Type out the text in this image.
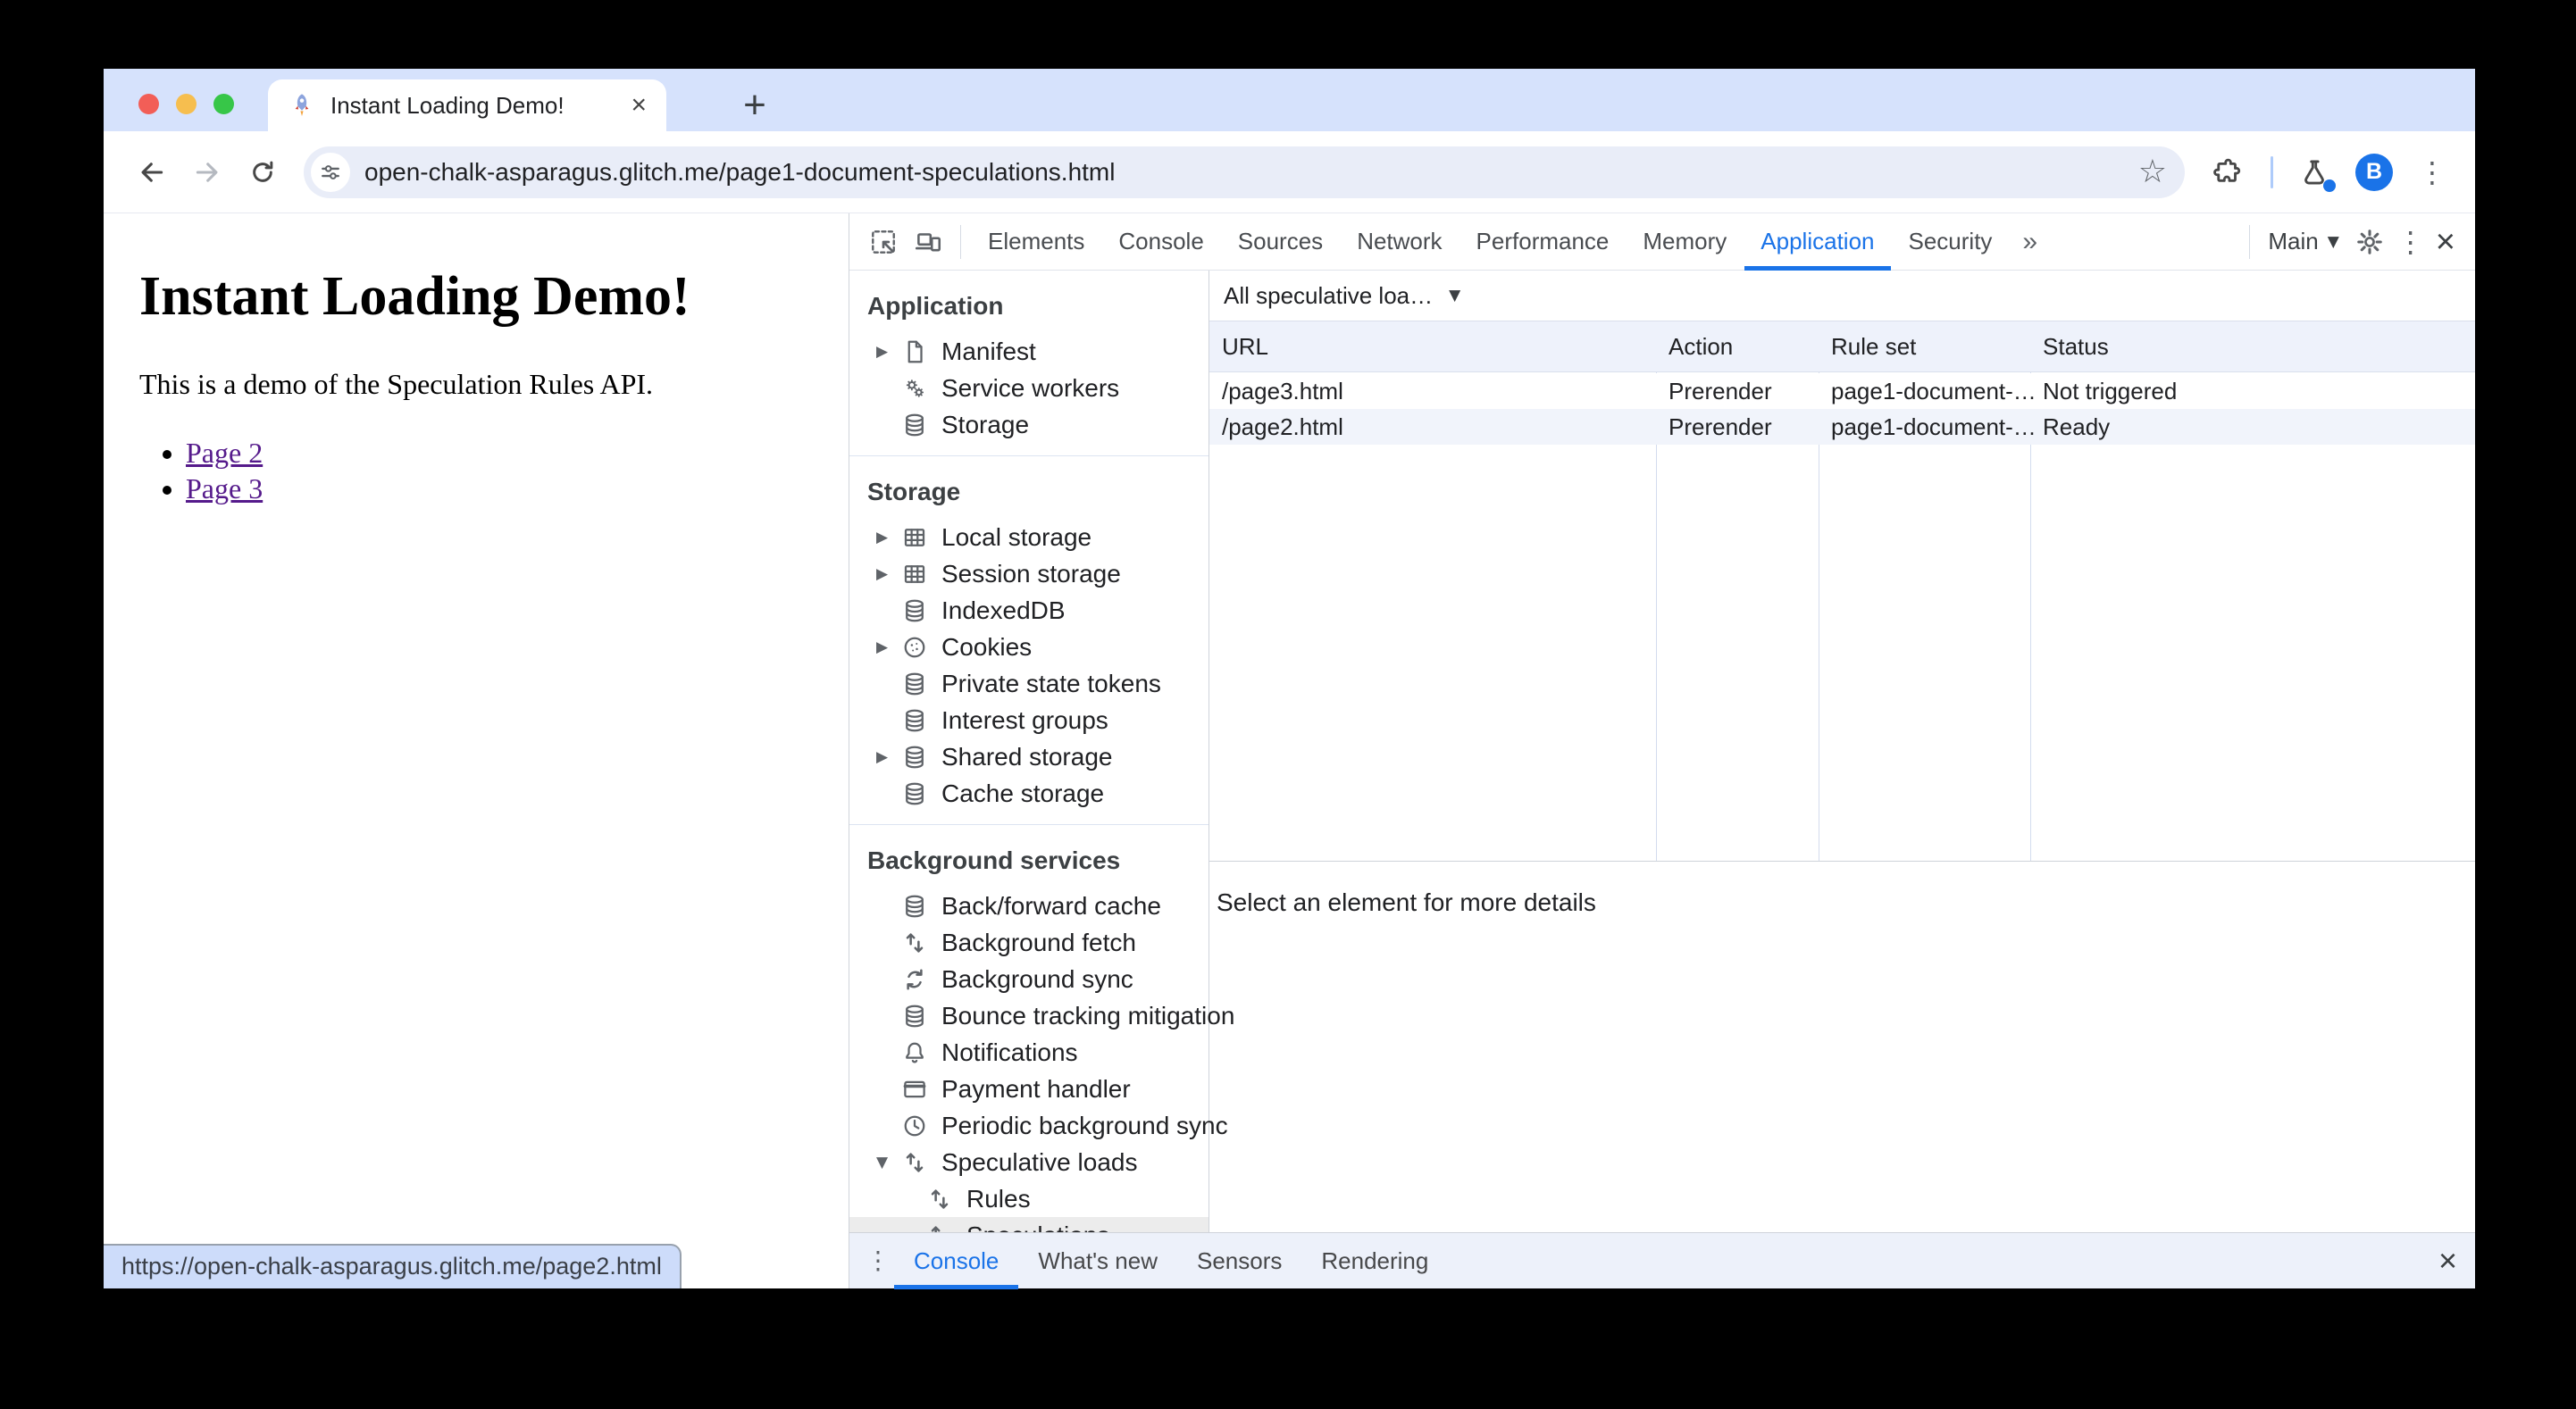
Instant Loading Demo!	×	+
open-chalk-asparagus.glitch.me/page1-document-speculations.html	☆	B	⋮
Instant Loading Demo!

This is a demo of the Speculation Rules API.

• Page 2
• Page 3
https://open-chalk-asparagus.glitch.me/page2.html
Elements	Console	Sources	Network	Performance	Memory	Application	Security	»	Main ▼ ⋮ ×
Application
▶	Manifest
Service workers
Storage
Storage
▶	Local storage
▶	Session storage
IndexedDB
▶	Cookies
Private state tokens
Interest groups
▶	Shared storage
Cache storage
Background services
Back/forward cache
Background fetch
Background sync
Bounce tracking mitigation
Notifications
Payment handler
Periodic background sync
▼	Speculative loads
Rules
All speculative loa… ▼
URL	Action	Rule set	Status
/page3.html	Prerender	page1-document-… Not triggered
/page2.html	Prerender	page1-document-… Ready
Select an element for more details
⋮	Console	What's new	Sensors	Rendering	×
